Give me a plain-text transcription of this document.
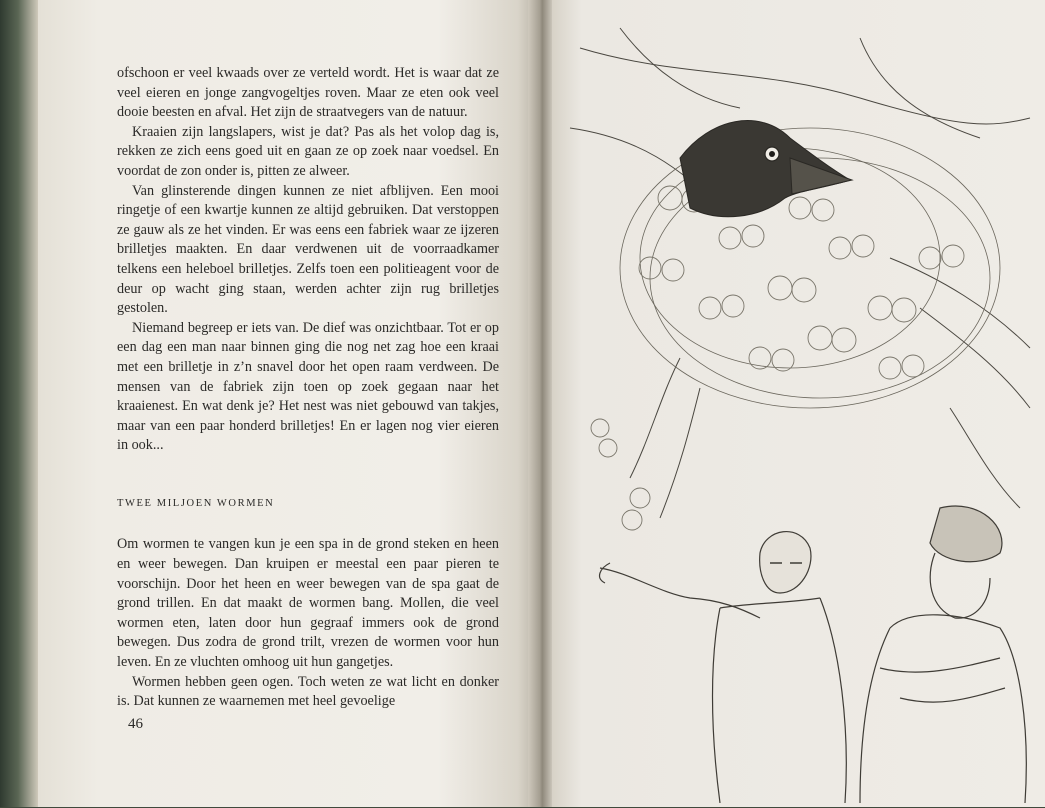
ofschoon er veel kwaads over ze verteld wordt. Het is waar dat ze veel eieren en jonge zangvogeltjes roven. Maar ze eten ook veel dooie beesten en afval. Het zijn de straatvegers van de natuur.

Kraaien zijn langslapers, wist je dat? Pas als het volop dag is, rekken ze zich eens goed uit en gaan ze op zoek naar voedsel. En voordat de zon onder is, pitten ze alweer.

Van glinsterende dingen kunnen ze niet afblijven. Een mooi ringetje of een kwartje kunnen ze altijd gebruiken. Dat verstoppen ze gauw als ze het vinden. Er was eens een fabriek waar ze ijzeren brilletjes maakten. En daar verdwenen uit de voorraadkamer telkens een heleboel brilletjes. Zelfs toen een politieagent voor de deur op wacht ging staan, werden achter zijn rug brilletjes gestolen.

Niemand begreep er iets van. De dief was onzichtbaar. Tot er op een dag een man naar binnen ging die nog net zag hoe een kraai met een brilletje in z’n snavel door het open raam verdween. De mensen van de fabriek zijn toen op zoek gegaan naar het kraaienest. En wat denk je? Het nest was niet gebouwd van takjes, maar van een paar honderd brilletjes! En er lagen nog vier eieren in ook...

TWEE MILJOEN WORMEN

Om wormen te vangen kun je een spa in de grond steken en heen en weer bewegen. Dan kruipen er meestal een paar pieren te voorschijn. Door het heen en weer bewegen van de spa gaat de grond trillen. En dat maakt de wormen bang. Mollen, die veel wormen eten, laten door hun gegraaf immers ook de grond bewegen. Dus zodra de grond trilt, vrezen de wormen voor hun leven. En ze vluchten omhoog uit hun gangetjes.

Wormen hebben geen ogen. Toch weten ze wat licht en donker is. Dat kunnen ze waarnemen met heel gevoelige

46
